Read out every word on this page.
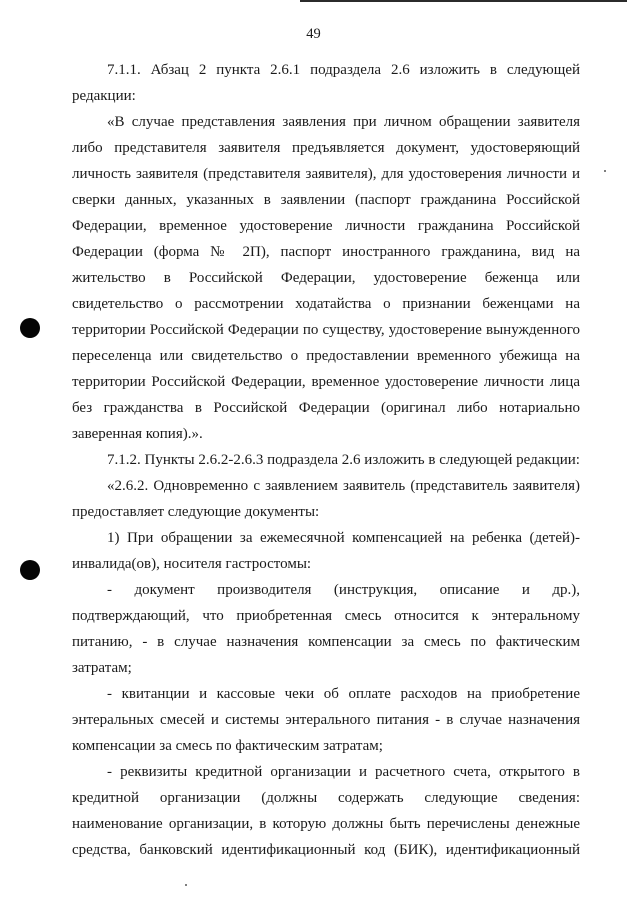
49

7.1.1. Абзац 2 пункта 2.6.1 подраздела 2.6 изложить в следующей редакции:

«В случае представления заявления при личном обращении заявителя либо представителя заявителя предъявляется документ, удостоверяющий личность заявителя (представителя заявителя), для удостоверения личности и сверки данных, указанных в заявлении (паспорт гражданина Российской Федерации, временное удостоверение личности гражданина Российской Федерации (форма № 2П), паспорт иностранного гражданина, вид на жительство в Российской Федерации, удостоверение беженца или свидетельство о рассмотрении ходатайства о признании беженцами на территории Российской Федерации по существу, удостоверение вынужденного переселенца или свидетельство о предоставлении временного убежища на территории Российской Федерации, временное удостоверение личности лица без гражданства в Российской Федерации (оригинал либо нотариально заверенная копия).».

7.1.2. Пункты 2.6.2-2.6.3 подраздела 2.6 изложить в следующей редакции:

«2.6.2. Одновременно с заявлением заявитель (представитель заявителя) предоставляет следующие документы:

1) При обращении за ежемесячной компенсацией на ребенка (детей)-инвалида(ов), носителя гастростомы:

- документ производителя (инструкция, описание и др.), подтверждающий, что приобретенная смесь относится к энтеральному питанию, - в случае назначения компенсации за смесь по фактическим затратам;

- квитанции и кассовые чеки об оплате расходов на приобретение энтеральных смесей и системы энтерального питания - в случае назначения компенсации за смесь по фактическим затратам;

- реквизиты кредитной организации и расчетного счета, открытого в кредитной организации (должны содержать следующие сведения: наименование организации, в которую должны быть перечислены денежные средства, банковский идентификационный код (БИК), идентификационный
